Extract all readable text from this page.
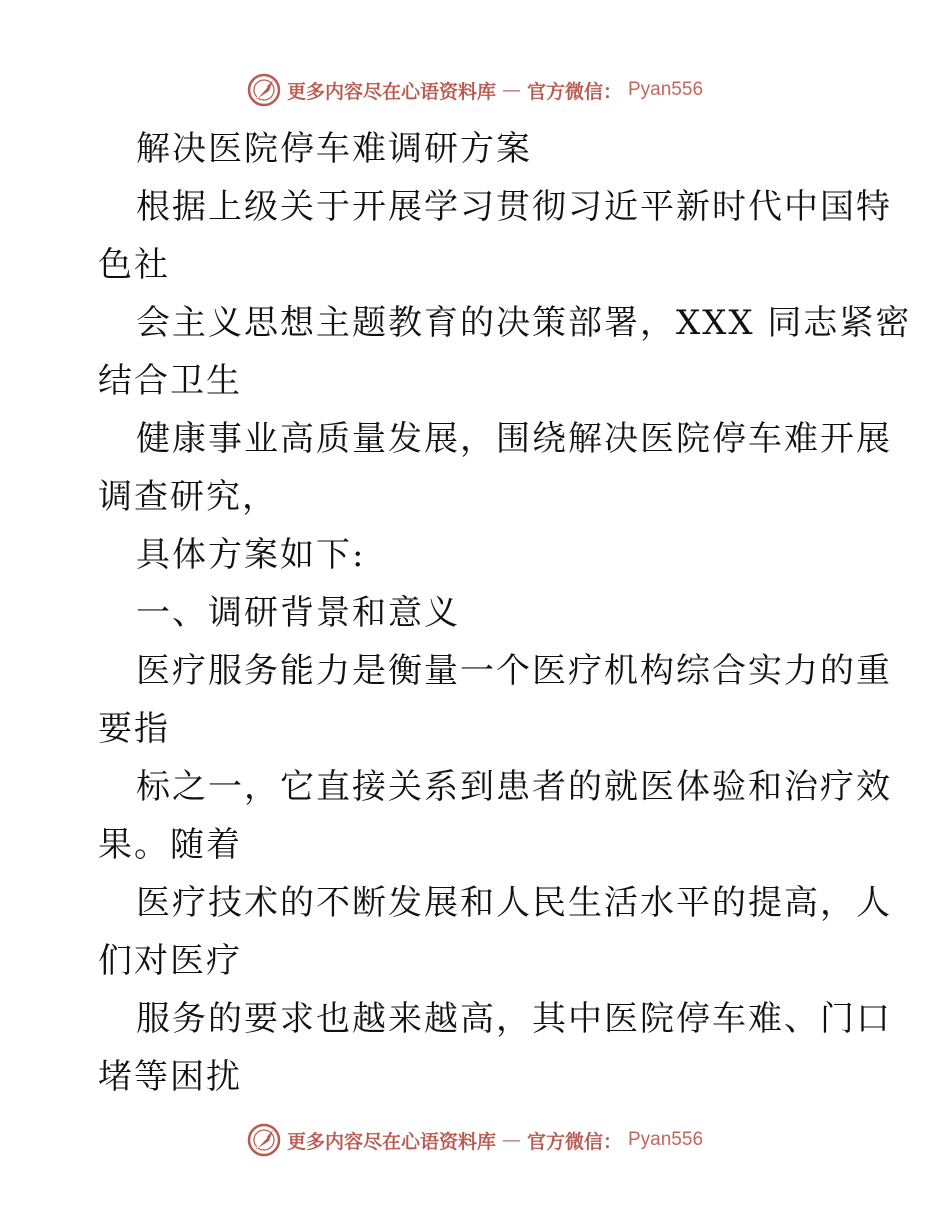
更多内容尽在心语资料库 — 官方微信： Pyan556
解决医院停车难调研方案
根据上级关于开展学习贯彻习近平新时代中国特
色社
会主义思想主题教育的决策部署，XXX 同志紧密
结合卫生
健康事业高质量发展，围绕解决医院停车难开展
调查研究，
具体方案如下:
一、调研背景和意义
医疗服务能力是衡量一个医疗机构综合实力的重
要指
标之一，它直接关系到患者的就医体验和治疗效
果。随着
医疗技术的不断发展和人民生活水平的提高，人
们对医疗
服务的要求也越来越高，其中医院停车难、门口
堵等困扰
更多内容尽在心语资料库 — 官方微信： Pyan556
